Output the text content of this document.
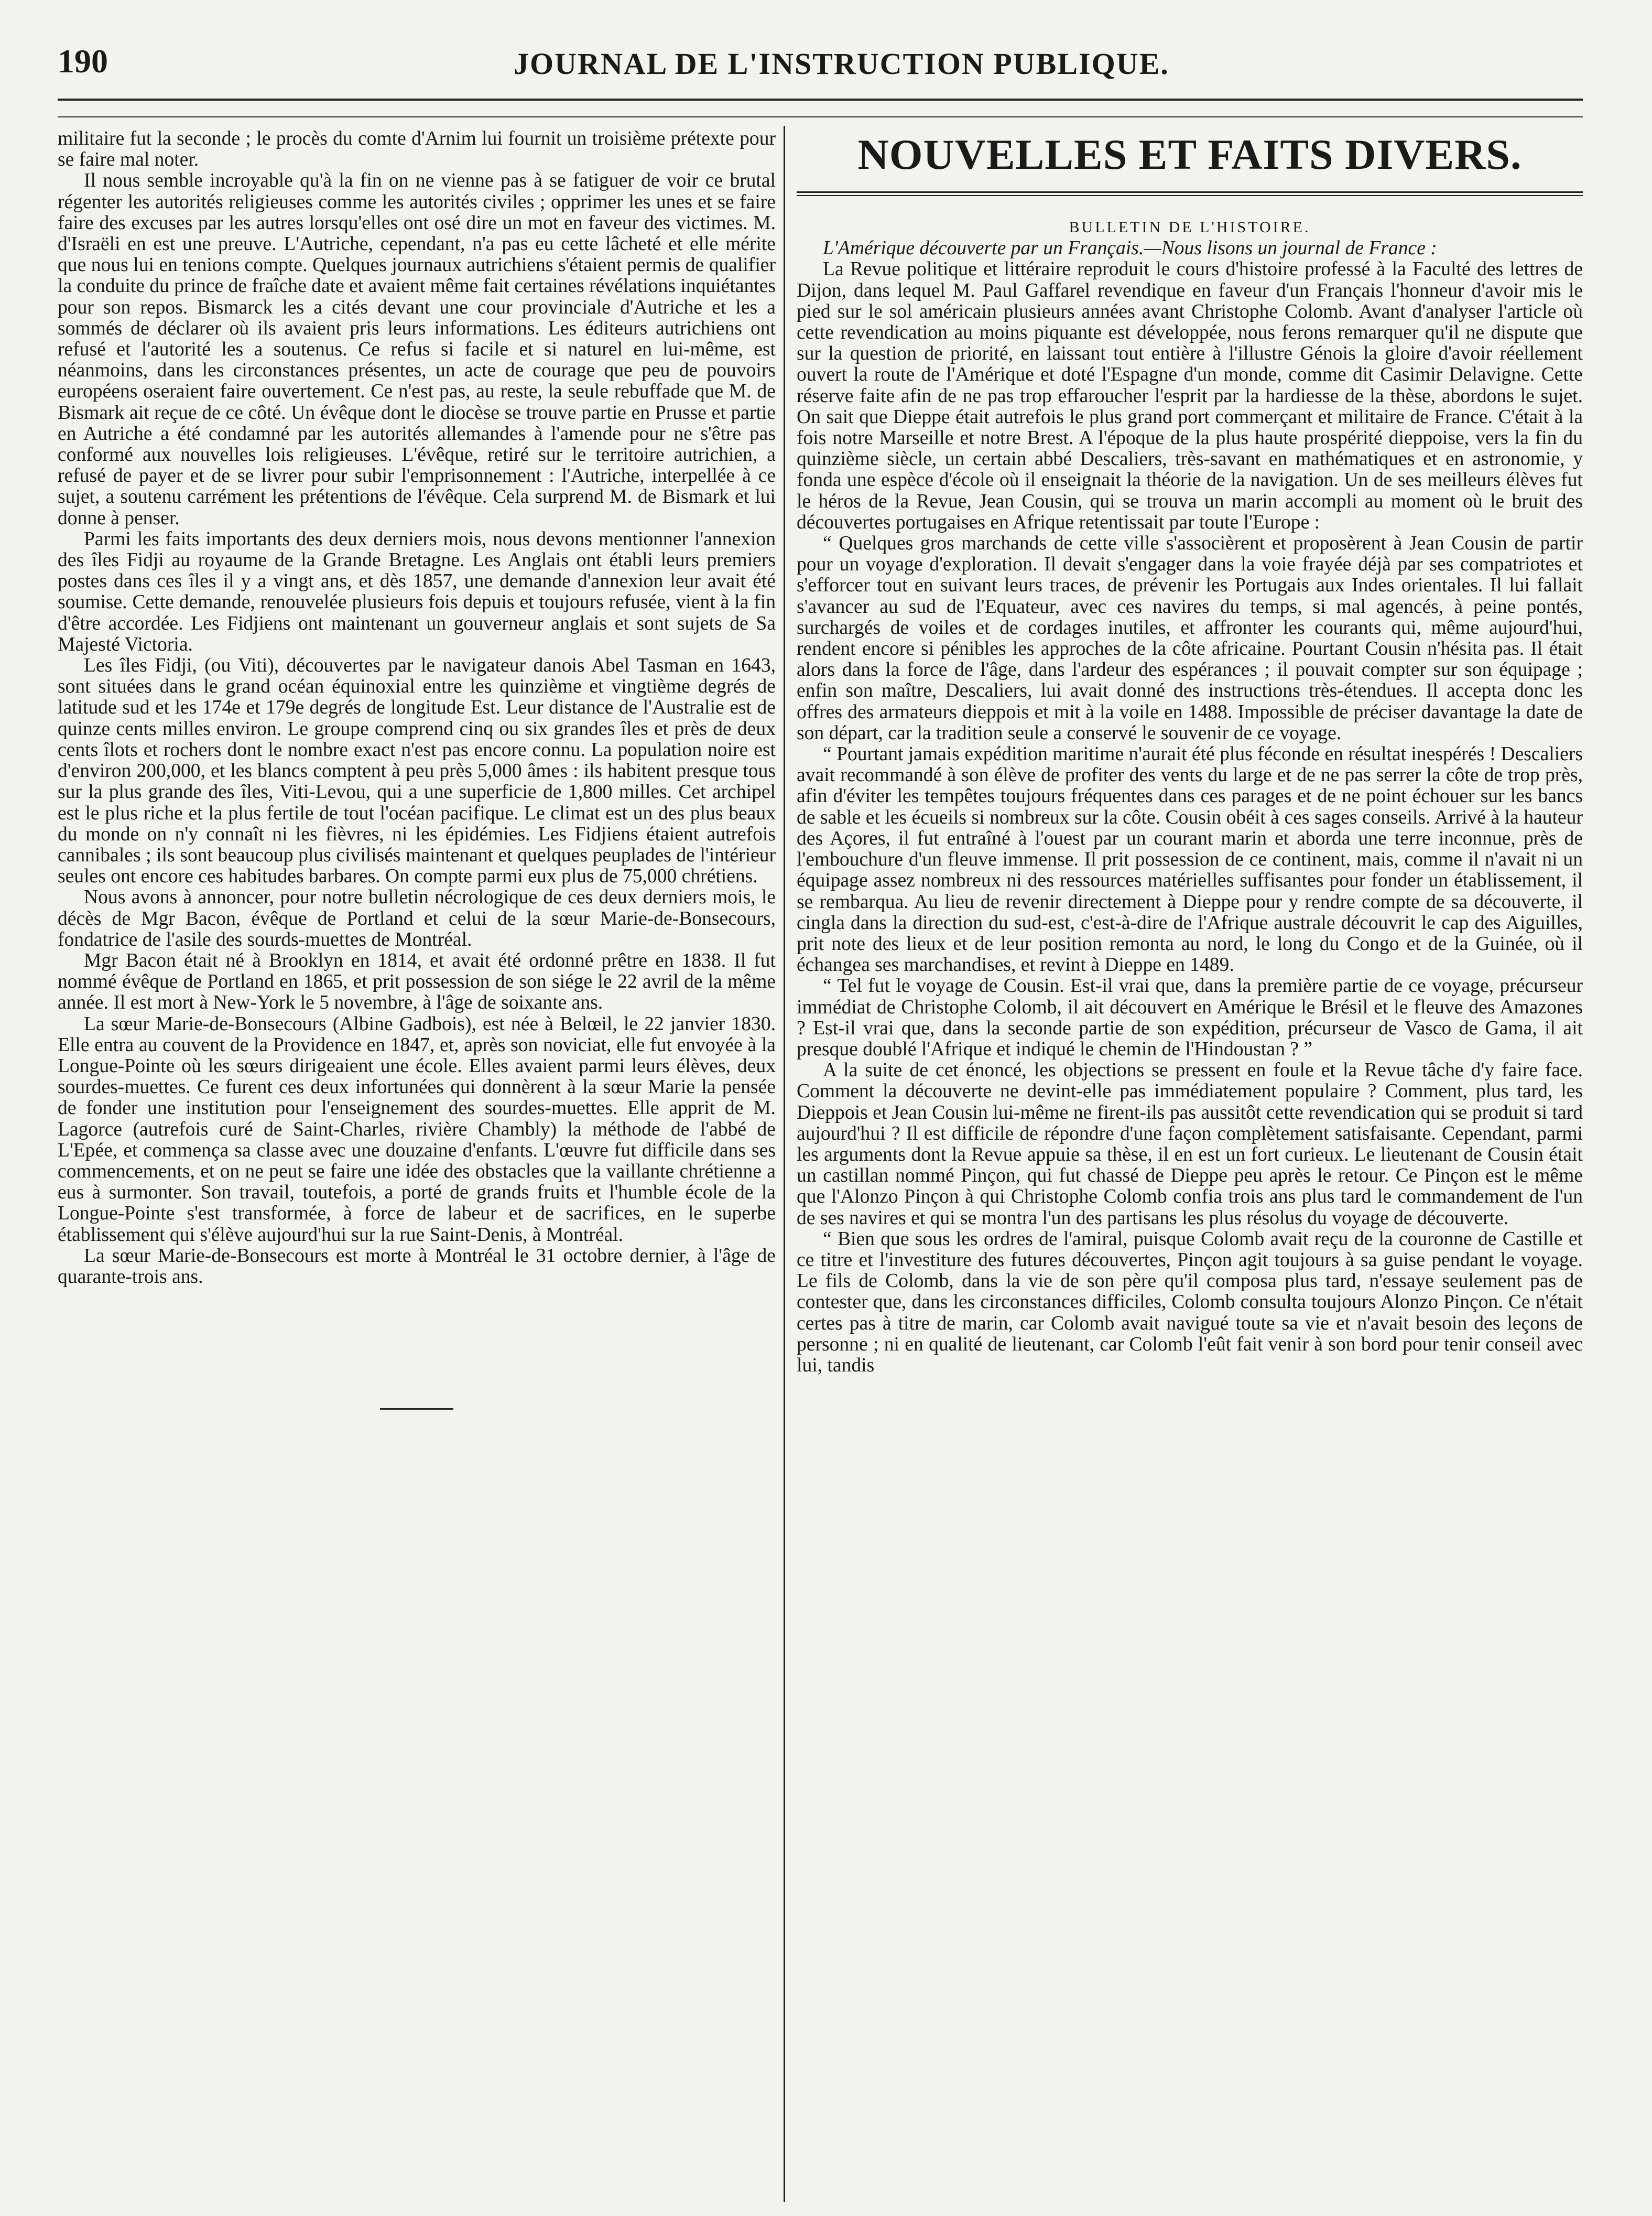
190	JOURNAL DE L'INSTRUCTION PUBLIQUE.

militaire fut la seconde ; le procès du comte d'Arnim lui fournit un troisième prétexte pour se faire mal noter.

Il nous semble incroyable qu'à la fin on ne vienne pas à se fatiguer de voir ce brutal régenter les autorités religieuses comme les autorités civiles ; opprimer les unes et se faire faire des excuses par les autres lorsqu'elles ont osé dire un mot en faveur des victimes. M. d'Israëli en est une preuve. L'Autriche, cependant, n'a pas eu cette lâcheté et elle mérite que nous lui en tenions compte. Quelques journaux autrichiens s'étaient permis de qualifier la conduite du prince de fraîche date et avaient même fait certaines révélations inquiétantes pour son repos. Bismarck les a cités devant une cour provinciale d'Autriche et les a sommés de déclarer où ils avaient pris leurs informations. Les éditeurs autrichiens ont refusé et l'autorité les a soutenus. Ce refus si facile et si naturel en lui-même, est néanmoins, dans les circonstances présentes, un acte de courage que peu de pouvoirs européens oseraient faire ouvertement. Ce n'est pas, au reste, la seule rebuffade que M. de Bismark ait reçue de ce côté. Un évêque dont le diocèse se trouve partie en Prusse et partie en Autriche a été condamné par les autorités allemandes à l'amende pour ne s'être pas conformé aux nouvelles lois religieuses. L'évêque, retiré sur le territoire autrichien, a refusé de payer et de se livrer pour subir l'emprisonnement : l'Autriche, interpellée à ce sujet, a soutenu carrément les prétentions de l'évêque. Cela surprend M. de Bismark et lui donne à penser.

Parmi les faits importants des deux derniers mois, nous devons mentionner l'annexion des îles Fidji au royaume de la Grande Bretagne. Les Anglais ont établi leurs premiers postes dans ces îles il y a vingt ans, et dès 1857, une demande d'annexion leur avait été soumise. Cette demande, renouvelée plusieurs fois depuis et toujours refusée, vient à la fin d'être accordée. Les Fidjiens ont maintenant un gouverneur anglais et sont sujets de Sa Majesté Victoria.

Les îles Fidji, (ou Viti), découvertes par le navigateur danois Abel Tasman en 1643, sont situées dans le grand océan équinoxial entre les quinzième et vingtième degrés de latitude sud et les 174e et 179e degrés de longitude Est. Leur distance de l'Australie est de quinze cents milles environ. Le groupe comprend cinq ou six grandes îles et près de deux cents îlots et rochers dont le nombre exact n'est pas encore connu. La population noire est d'environ 200,000, et les blancs comptent à peu près 5,000 âmes : ils habitent presque tous sur la plus grande des îles, Viti-Levou, qui a une superficie de 1,800 milles. Cet archipel est le plus riche et la plus fertile de tout l'océan pacifique. Le climat est un des plus beaux du monde on n'y connaît ni les fièvres, ni les épidémies. Les Fidjiens étaient autrefois cannibales ; ils sont beaucoup plus civilisés maintenant et quelques peuplades de l'intérieur seules ont encore ces habitudes barbares. On compte parmi eux plus de 75,000 chrétiens.

Nous avons à annoncer, pour notre bulletin nécrologique de ces deux derniers mois, le décès de Mgr Bacon, évêque de Portland et celui de la sœur Marie-de-Bonsecours, fondatrice de l'asile des sourds-muettes de Montréal.

Mgr Bacon était né à Brooklyn en 1814, et avait été ordonné prêtre en 1838. Il fut nommé évêque de Portland en 1865, et prit possession de son siége le 22 avril de la même année. Il est mort à New-York le 5 novembre, à l'âge de soixante ans.

La sœur Marie-de-Bonsecours (Albine Gadbois), est née à Belœil, le 22 janvier 1830. Elle entra au couvent de la Providence en 1847, et, après son noviciat, elle fut envoyée à la Longue-Pointe où les sœurs dirigeaient une école. Elles avaient parmi leurs élèves, deux sourdes-muettes. Ce furent ces deux infortunées qui donnèrent à la sœur Marie la pensée de fonder une institution pour l'enseignement des sourdes-muettes. Elle apprit de M. Lagorce (autrefois curé de Saint-Charles, rivière Chambly) la méthode de l'abbé de L'Epée, et commença sa classe avec une douzaine d'enfants. L'œuvre fut difficile dans ses commencements, et on ne peut se faire une idée des obstacles que la vaillante chrétienne a eus à surmonter. Son travail, toutefois, a porté de grands fruits et l'humble école de la Longue-Pointe s'est transformée, à force de labeur et de sacrifices, en le superbe établissement qui s'élève aujourd'hui sur la rue Saint-Denis, à Montréal.

La sœur Marie-de-Bonsecours est morte à Montréal le 31 octobre dernier, à l'âge de quarante-trois ans.

NOUVELLES ET FAITS DIVERS.

BULLETIN DE L'HISTOIRE.

L'Amérique découverte par un Français.—Nous lisons un journal de France :

La Revue politique et littéraire reproduit le cours d'histoire professé à la Faculté des lettres de Dijon, dans lequel M. Paul Gaffarel revendique en faveur d'un Français l'honneur d'avoir mis le pied sur le sol américain plusieurs années avant Christophe Colomb. Avant d'analyser l'article où cette revendication au moins piquante est développée, nous ferons remarquer qu'il ne dispute que sur la question de priorité, en laissant tout entière à l'illustre Génois la gloire d'avoir réellement ouvert la route de l'Amérique et doté l'Espagne d'un monde, comme dit Casimir Delavigne. Cette réserve faite afin de ne pas trop effaroucher l'esprit par la hardiesse de la thèse, abordons le sujet. On sait que Dieppe était autrefois le plus grand port commerçant et militaire de France. C'était à la fois notre Marseille et notre Brest. A l'époque de la plus haute prospérité dieppoise, vers la fin du quinzième siècle, un certain abbé Descaliers, très-savant en mathématiques et en astronomie, y fonda une espèce d'école où il enseignait la théorie de la navigation. Un de ses meilleurs élèves fut le héros de la Revue, Jean Cousin, qui se trouva un marin accompli au moment où le bruit des découvertes portugaises en Afrique retentissait par toute l'Europe :

“ Quelques gros marchands de cette ville s'associèrent et proposèrent à Jean Cousin de partir pour un voyage d'exploration. Il devait s'engager dans la voie frayée déjà par ses compatriotes et s'efforcer tout en suivant leurs traces, de prévenir les Portugais aux Indes orientales. Il lui fallait s'avancer au sud de l'Equateur, avec ces navires du temps, si mal agencés, à peine pontés, surchargés de voiles et de cordages inutiles, et affronter les courants qui, même aujourd'hui, rendent encore si pénibles les approches de la côte africaine. Pourtant Cousin n'hésita pas. Il était alors dans la force de l'âge, dans l'ardeur des espérances ; il pouvait compter sur son équipage ; enfin son maître, Descaliers, lui avait donné des instructions très-étendues. Il accepta donc les offres des armateurs dieppois et mit à la voile en 1488. Impossible de préciser davantage la date de son départ, car la tradition seule a conservé le souvenir de ce voyage.

“ Pourtant jamais expédition maritime n'aurait été plus féconde en résultat inespérés ! Descaliers avait recommandé à son élève de profiter des vents du large et de ne pas serrer la côte de trop près, afin d'éviter les tempêtes toujours fréquentes dans ces parages et de ne point échouer sur les bancs de sable et les écueils si nombreux sur la côte. Cousin obéit à ces sages conseils. Arrivé à la hauteur des Açores, il fut entraîné à l'ouest par un courant marin et aborda une terre inconnue, près de l'embouchure d'un fleuve immense. Il prit possession de ce continent, mais, comme il n'avait ni un équipage assez nombreux ni des ressources matérielles suffisantes pour fonder un établissement, il se rembarqua. Au lieu de revenir directement à Dieppe pour y rendre compte de sa découverte, il cingla dans la direction du sud-est, c'est-à-dire de l'Afrique australe découvrit le cap des Aiguilles, prit note des lieux et de leur position remonta au nord, le long du Congo et de la Guinée, où il échangea ses marchandises, et revint à Dieppe en 1489.

“ Tel fut le voyage de Cousin. Est-il vrai que, dans la première partie de ce voyage, précurseur immédiat de Christophe Colomb, il ait découvert en Amérique le Brésil et le fleuve des Amazones ? Est-il vrai que, dans la seconde partie de son expédition, précurseur de Vasco de Gama, il ait presque doublé l'Afrique et indiqué le chemin de l'Hindoustan ? ”

A la suite de cet énoncé, les objections se pressent en foule et la Revue tâche d'y faire face. Comment la découverte ne devint-elle pas immédiatement populaire ? Comment, plus tard, les Dieppois et Jean Cousin lui-même ne firent-ils pas aussitôt cette revendication qui se produit si tard aujourd'hui ? Il est difficile de répondre d'une façon complètement satisfaisante. Cependant, parmi les arguments dont la Revue appuie sa thèse, il en est un fort curieux. Le lieutenant de Cousin était un castillan nommé Pinçon, qui fut chassé de Dieppe peu après le retour. Ce Pinçon est le même que l'Alonzo Pinçon à qui Christophe Colomb confia trois ans plus tard le commandement de l'un de ses navires et qui se montra l'un des partisans les plus résolus du voyage de découverte.

“ Bien que sous les ordres de l'amiral, puisque Colomb avait reçu de la couronne de Castille et ce titre et l'investiture des futures découvertes, Pinçon agit toujours à sa guise pendant le voyage. Le fils de Colomb, dans la vie de son père qu'il composa plus tard, n'essaye seulement pas de contester que, dans les circonstances difficiles, Colomb consulta toujours Alonzo Pinçon. Ce n'était certes pas à titre de marin, car Colomb avait navigué toute sa vie et n'avait besoin des leçons de personne ; ni en qualité de lieutenant, car Colomb l'eût fait venir à son bord pour tenir conseil avec lui, tandis
